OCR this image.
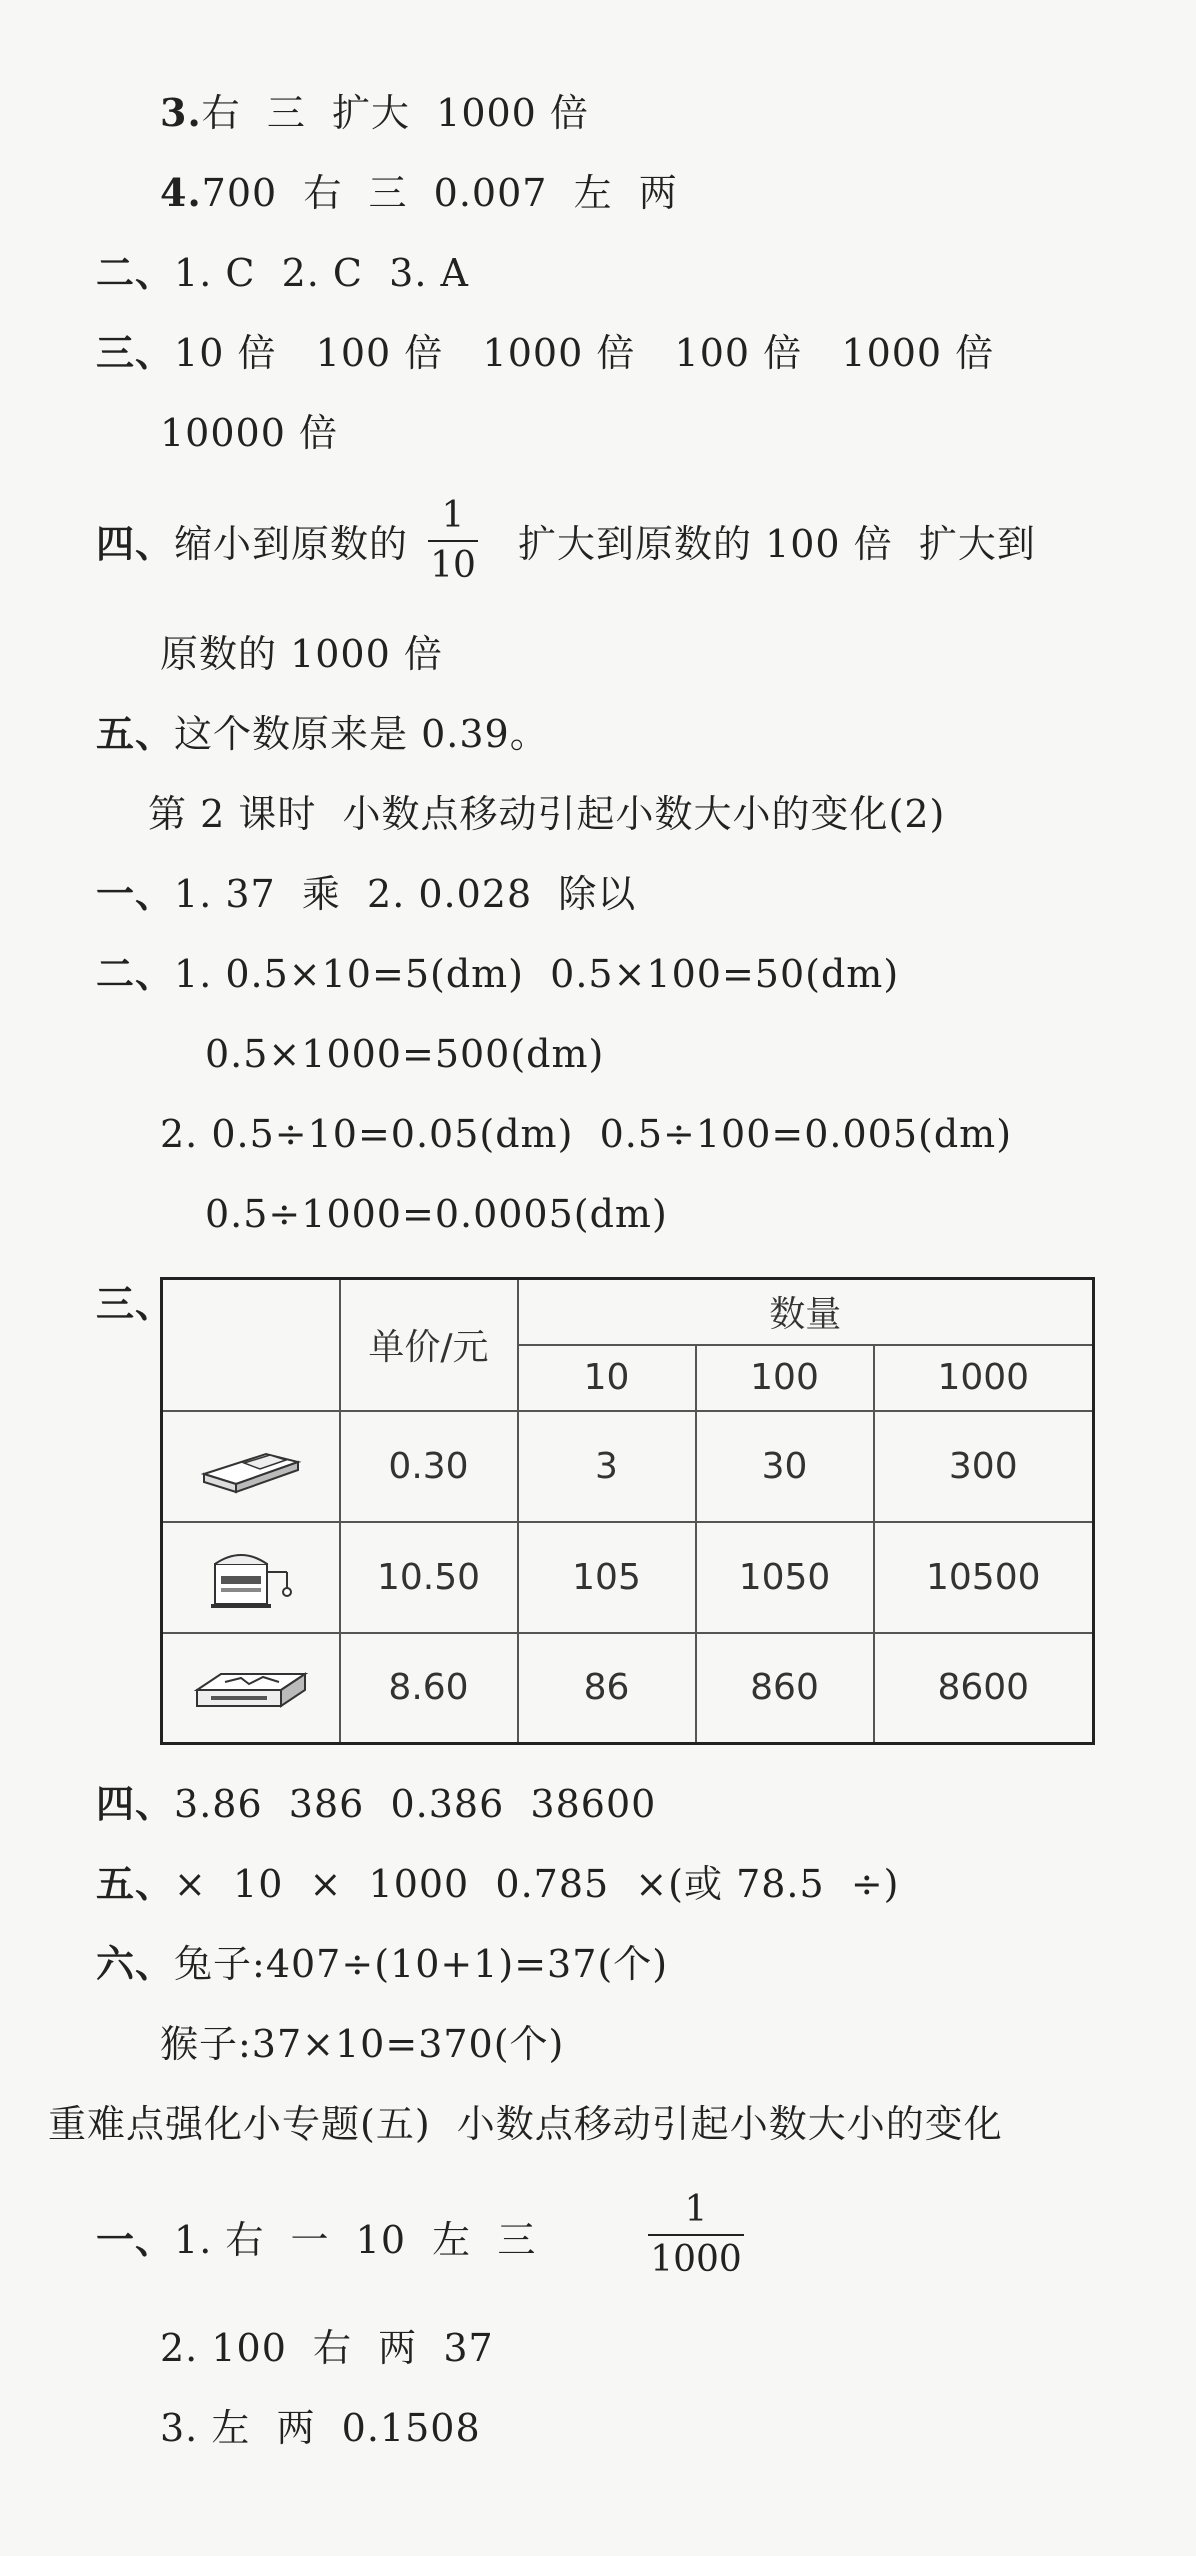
3.右  三  扩大  1000 倍
4.700  右  三  0.007  左  两
二、1. C  2. C  3. A
三、10 倍   100 倍   1000 倍   100 倍   1000 倍
10000 倍
四、缩小到原数的
1
10 扩大到原数的 100 倍  扩大到
原数的 1000 倍
五、这个数原来是 0.39。
第 2 课时  小数点移动引起小数大小的变化(2)
一、1. 37  乘  2. 0.028  除以
二、1. 0.5×10=5(dm)  0.5×100=50(dm)
0.5×1000=500(dm)
2. 0.5÷10=0.05(dm)  0.5÷100=0.005(dm)
0.5÷1000=0.0005(dm)
三、
	单价/元	数量		
		10	100	1000

	0.30	3	30	300

	10.50	105	1050	10500

	8.60	86	860	8600
四、3.86  386  0.386  38600
五、×  10  ×  1000  0.785  ×(或 78.5  ÷)
六、兔子:407÷(10+1)=37(个)
猴子:37×10=370(个)
重难点强化小专题(五)  小数点移动引起小数大小的变化
一、1. 右  一  10  左  三
1
1000
2. 100  右  两  37
3. 左  两  0.1508
